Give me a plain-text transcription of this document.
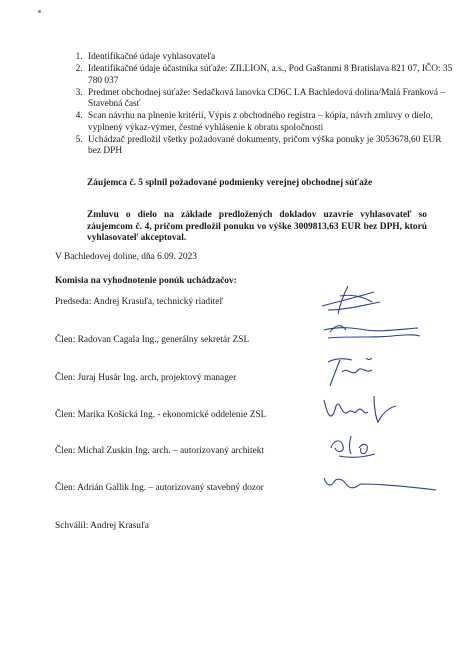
1. Identifikačné údaje vyhlasovateľa
2. Identifikačné údaje účastníka súťaže: ZILLION, a.s., Pod Gaštanmi 8 Bratislava 821 07, IČO: 35 780 037
3. Predmet obchodnej súťaže: Sedačková lanovka CD6C LA Bachledová dolina/Malá Franková – Stavebná časť
4. Scan návrhu na plnenie kritérií, Výpis z obchodného registra – kópia, návrh zmluvy o dielo, vyplnený výkaz-výmer, čestné vyhlásenie k obratu spoločnosti
5. Uchádzač predložil všetky požadované dokumenty, pričom výška ponuky je 3053678,60 EUR bez DPH
Záujemca č. 5 splnil požadované podmienky verejnej obchodnej súťaže
Zmluvu o dielo na základe predložených dokladov uzavrie vyhlasovateľ so záujemcom č. 4, pričom predložil ponuku vo výške 3009813,63 EUR bez DPH, ktorú vyhlasovateľ akceptoval.
V Bachledovej doline, dňa 6.09. 2023
Komisia na vyhodnotenie ponúk uchádzačov:
Predseda: Andrej Krasuľa, technický riaditeľ
Člen: Radovan Cagala Ing., generálny sekretár ZSL
Člen: Juraj Husár Ing. arch, projektový manager
Člen: Marika Košická Ing. - ekonomické oddelenie ZSL
Člen: Michal Zuskin Ing. arch. – autorizovaný architekt
Člen: Adrián Gallik Ing. – autorizovaný stavebný dozor
Schválil: Andrej Krasuľa
